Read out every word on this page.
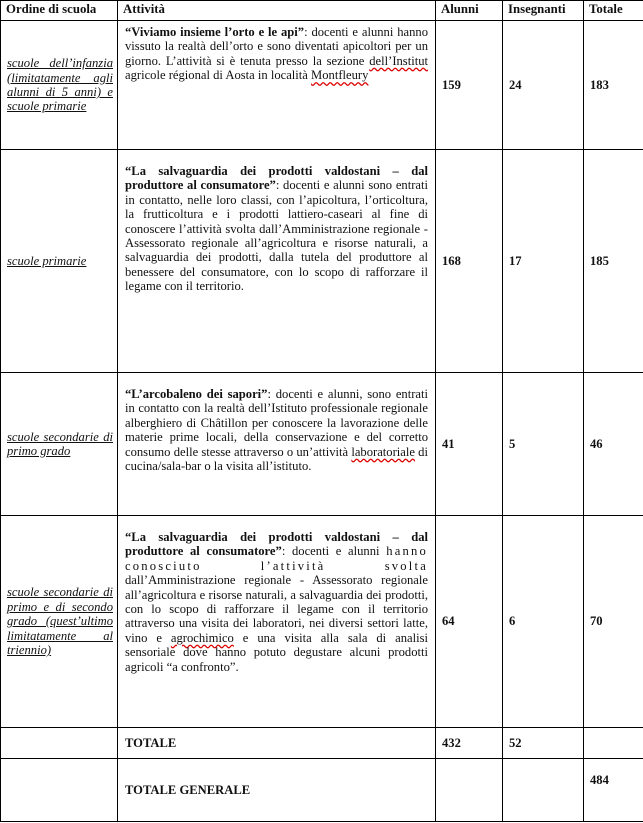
Ordine di scuola	Attività	Alunni	Insegnanti	Totale
scuole dell’infanzia (limitatamente agli alunni di 5 anni) e scuole primarie	“Viviamo insieme l’orto e le api”: docenti e alunni hanno vissuto la realtà dell’orto e sono diventati apicoltori per un giorno. L’attività si è tenuta presso la sezione dell’Institut agricole régional di Aosta in località Montfleury	159	24	183
scuole primarie	“La salvaguardia dei prodotti valdostani – dal produttore al consumatore”: docenti e alunni sono entrati in contatto, nelle loro classi, con l’apicoltura, l’orticoltura, la frutticoltura e i prodotti lattiero-caseari al fine di conoscere l’attività svolta dall’Amministrazione regionale - Assessorato regionale all’agricoltura e risorse naturali, a salvaguardia dei prodotti, dalla tutela del produttore al benessere del consumatore, con lo scopo di rafforzare il legame con il territorio.	168	17	185
scuole secondarie di primo grado	“L’arcobaleno dei sapori”: docenti e alunni, sono entrati in contatto con la realtà dell’Istituto professionale regionale alberghiero di Châtillon per conoscere la lavorazione delle materie prime locali, della conservazione e del corretto consumo delle stesse attraverso o un’attività laboratoriale di cucina/sala-bar o la visita all’istituto.	41	5	46
scuole secondarie di primo e di secondo grado (quest’ultimo limitatamente al triennio)	“La salvaguardia dei prodotti valdostani – dal produttore al consumatore”: docenti e alunni hanno conosciuto l’attività svolta dall’Amministrazione regionale - Assessorato regionale all’agricoltura e risorse naturali, a salvaguardia dei prodotti, con lo scopo di rafforzare il legame con il territorio attraverso una visita dei laboratori, nei diversi settori latte, vino e agrochimico e una visita alla sala di analisi sensoriale dove hanno potuto degustare alcuni prodotti agricoli “a confronto”.	64	6	70
	TOTALE	432	52	
	TOTALE GENERALE			484
